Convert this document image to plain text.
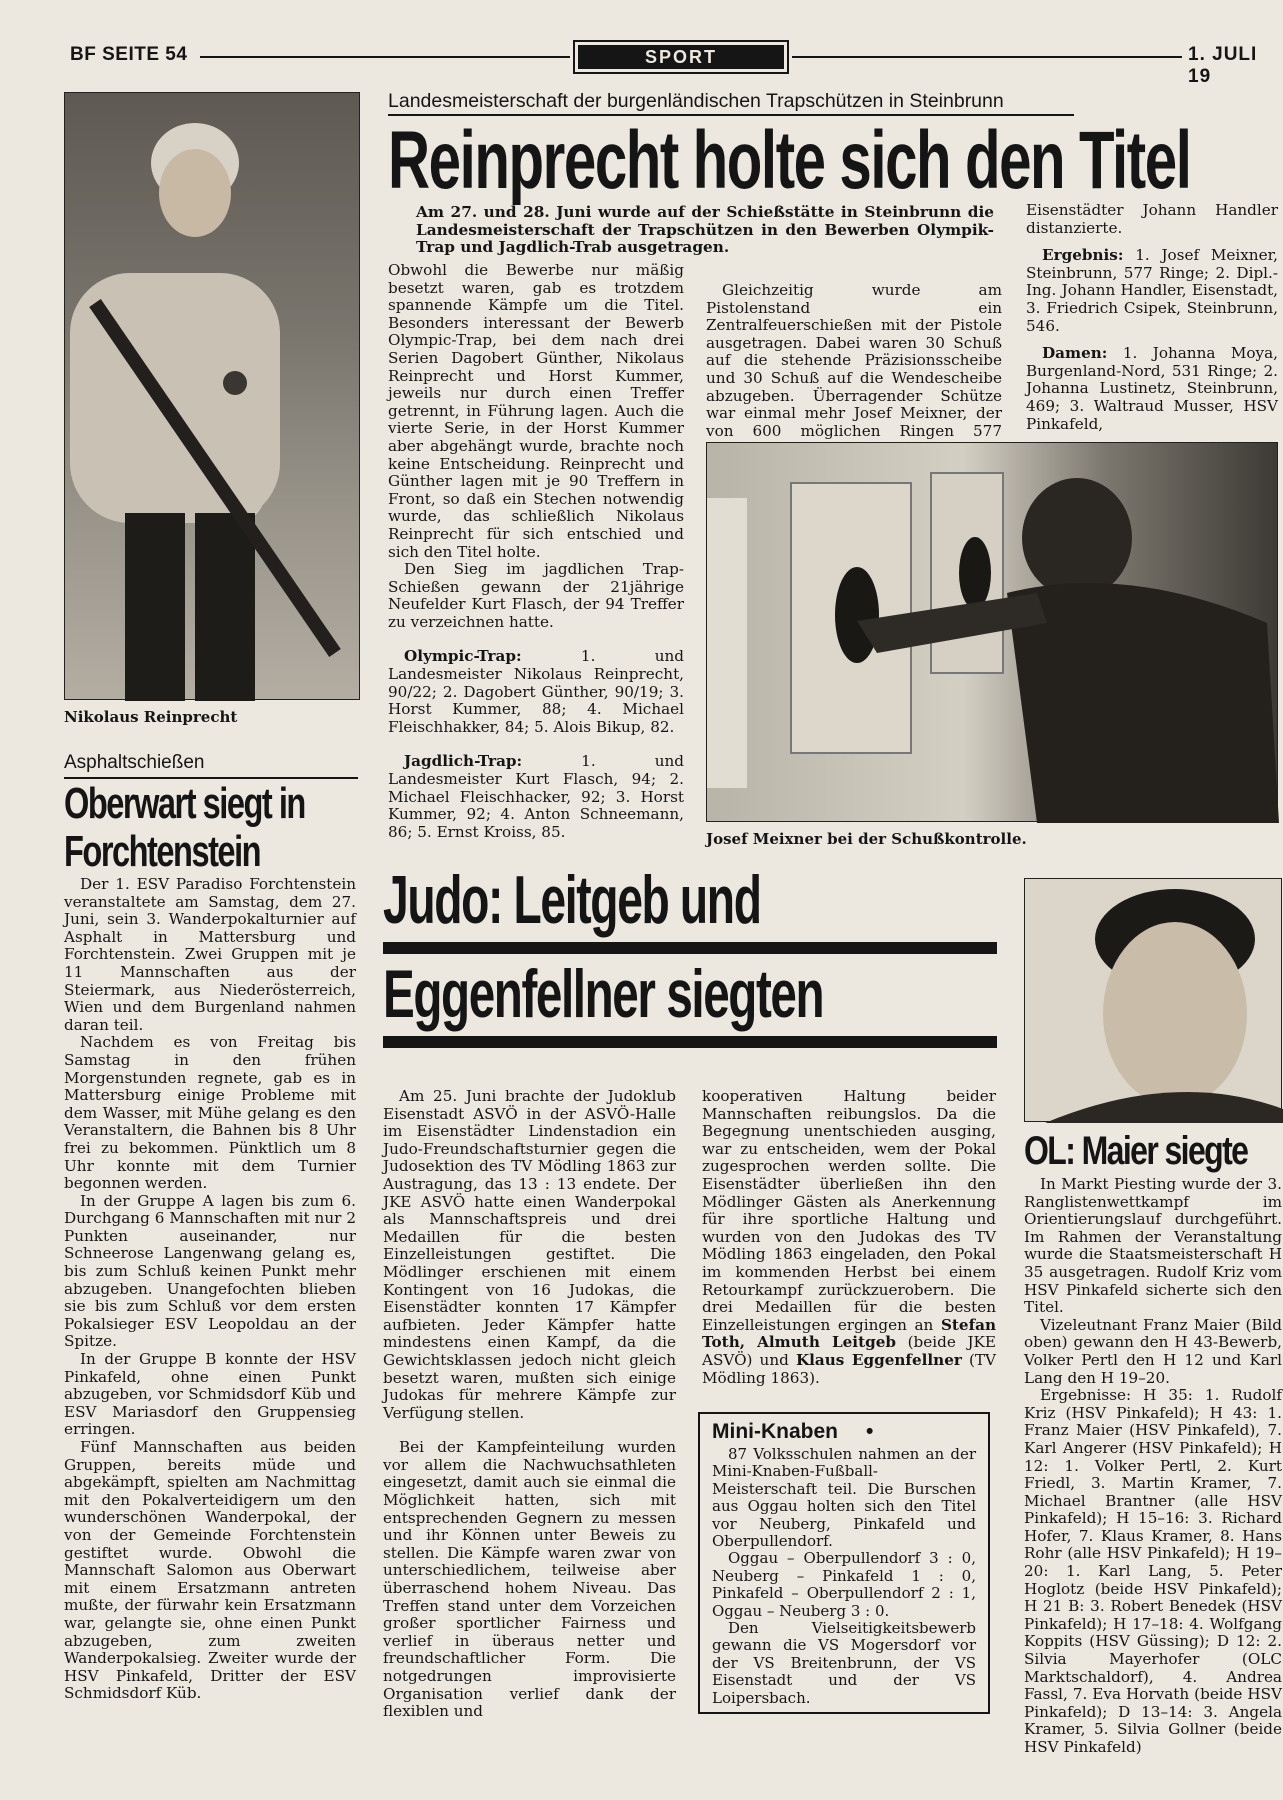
BF SEITE 54	SPORT	1. JULI 19
Nikolaus Reinprecht
Landesmeisterschaft der burgenländischen Trapschützen in Steinbrunn
Reinprecht holte sich den Titel
Am 27. und 28. Juni wurde auf der Schießstätte in Steinbrunn die Landesmeisterschaft der Trapschützen in den Bewerben Olympik-Trap und Jagdlich-Trab ausgetragen.

Obwohl die Bewerbe nur mäßig besetzt waren, gab es trotzdem spannende Kämpfe um die Titel. Besonders interessant der Bewerb Olympic-Trap, bei dem nach drei Serien Dagobert Günther, Nikolaus Reinprecht und Horst Kummer, jeweils nur durch einen Treffer getrennt, in Führung lagen. Auch die vierte Serie, in der Horst Kummer aber abgehängt wurde, brachte noch keine Entscheidung. Reinprecht und Günther lagen mit je 90 Treffern in Front, so daß ein Stechen notwendig wurde, das schließlich Nikolaus Reinprecht für sich entschied und sich den Titel holte.

Den Sieg im jagdlichen Trap-Schießen gewann der 21jährige Neufelder Kurt Flasch, der 94 Treffer zu verzeichnen hatte.

Olympic-Trap: 1. und Landesmeister Nikolaus Reinprecht, 90/22; 2. Dagobert Günther, 90/19; 3. Horst Kummer, 88; 4. Michael Fleischhakker, 84; 5. Alois Bikup, 82.

Jagdlich-Trap: 1. und Landesmeister Kurt Flasch, 94; 2. Michael Fleischhacker, 92; 3. Horst Kummer, 92; 4. Anton Schneemann, 86; 5. Ernst Kroiss, 85.

Gleichzeitig wurde am Pistolenstand ein Zentralfeuerschießen mit der Pistole ausgetragen. Dabei waren 30 Schuß auf die stehende Präzisionsscheibe und 30 Schuß auf die Wendescheibe abzugeben. Überragender Schütze war einmal mehr Josef Meixner, der von 600 möglichen Ringen 577

Eisenstädter Johann Handler distanzierte.

Ergebnis: 1. Josef Meixner, Steinbrunn, 577 Ringe; 2. Dipl.-Ing. Johann Handler, Eisenstadt, 3. Friedrich Csipek, Steinbrunn, 546.

Damen: 1. Johanna Moya, Burgenland-Nord, 531 Ringe; 2. Johanna Lustinetz, Steinbrunn, 469; 3. Waltraud Musser, HSV Pinkafeld,

Josef Meixner bei der Schußkontrolle.
Asphaltschießen
Oberwart siegt in
Forchtenstein

Der 1. ESV Paradiso Forchtenstein veranstaltete am Samstag, dem 27. Juni, sein 3. Wanderpokalturnier auf Asphalt in Mattersburg und Forchtenstein. Zwei Gruppen mit je 11 Mannschaften aus der Steiermark, aus Niederösterreich, Wien und dem Burgenland nahmen daran teil.

Nachdem es von Freitag bis Samstag in den frühen Morgenstunden regnete, gab es in Mattersburg einige Probleme mit dem Wasser, mit Mühe gelang es den Veranstaltern, die Bahnen bis 8 Uhr frei zu bekommen. Pünktlich um 8 Uhr konnte mit dem Turnier begonnen werden.

In der Gruppe A lagen bis zum 6. Durchgang 6 Mannschaften mit nur 2 Punkten auseinander, nur Schneerose Langenwang gelang es, bis zum Schluß keinen Punkt mehr abzugeben. Unangefochten blieben sie bis zum Schluß vor dem ersten Pokalsieger ESV Leopoldau an der Spitze.

In der Gruppe B konnte der HSV Pinkafeld, ohne einen Punkt abzugeben, vor Schmidsdorf Küb und ESV Mariasdorf den Gruppensieg erringen.

Fünf Mannschaften aus beiden Gruppen, bereits müde und abgekämpft, spielten am Nachmittag mit den Pokalverteidigern um den wunderschönen Wanderpokal, der von der Gemeinde Forchtenstein gestiftet wurde. Obwohl die Mannschaft Salomon aus Oberwart mit einem Ersatzmann antreten mußte, der fürwahr kein Ersatzmann war, gelangte sie, ohne einen Punkt abzugeben, zum zweiten Wanderpokalsieg. Zweiter wurde der HSV Pinkafeld, Dritter der ESV Schmidsdorf Küb.

Judo: Leitgeb und
Eggenfellner siegten

Am 25. Juni brachte der Judoklub Eisenstadt ASVÖ in der ASVÖ-Halle im Eisenstädter Lindenstadion ein Judo-Freundschaftsturnier gegen die Judosektion des TV Mödling 1863 zur Austragung, das 13 : 13 endete. Der JKE ASVÖ hatte einen Wanderpokal als Mannschaftspreis und drei Medaillen für die besten Einzelleistungen gestiftet. Die Mödlinger erschienen mit einem Kontingent von 16 Judokas, die Eisenstädter konnten 17 Kämpfer aufbieten. Jeder Kämpfer hatte mindestens einen Kampf, da die Gewichtsklassen jedoch nicht gleich besetzt waren, mußten sich einige Judokas für mehrere Kämpfe zur Verfügung stellen.

Bei der Kampfeinteilung wurden vor allem die Nachwuchsathleten eingesetzt, damit auch sie einmal die Möglichkeit hatten, sich mit entsprechenden Gegnern zu messen und ihr Können unter Beweis zu stellen. Die Kämpfe waren zwar von unterschiedlichem, teilweise aber überraschend hohem Niveau. Das Treffen stand unter dem Vorzeichen großer sportlicher Fairness und verlief in überaus netter und freundschaftlicher Form. Die notgedrungen improvisierte Organisation verlief dank der flexiblen und

kooperativen Haltung beider Mannschaften reibungslos. Da die Begegnung unentschieden ausging, war zu entscheiden, wem der Pokal zugesprochen werden sollte. Die Eisenstädter überließen ihn den Mödlinger Gästen als Anerkennung für ihre sportliche Haltung und wurden von den Judokas des TV Mödling 1863 eingeladen, den Pokal im kommenden Herbst bei einem Retourkampf zurückzuerobern. Die drei Medaillen für die besten Einzelleistungen ergingen an Stefan Toth, Almuth Leitgeb (beide JKE ASVÖ) und Klaus Eggenfellner (TV Mödling 1863).

Mini-Knaben •

87 Volksschulen nahmen an der Mini-Knaben-Fußball-Meisterschaft teil. Die Burschen aus Oggau holten sich den Titel vor Neuberg, Pinkafeld und Oberpullendorf.

Oggau – Oberpullendorf 3 : 0, Neuberg – Pinkafeld 1 : 0, Pinkafeld – Oberpullendorf 2 : 1, Oggau – Neuberg 3 : 0.

Den Vielseitigkeitsbewerb gewann die VS Mogersdorf vor der VS Breitenbrunn, der VS Eisenstadt und der VS Loipersbach.

OL: Maier siegte

In Markt Piesting wurde der 3. Ranglistenwettkampf im Orientierungslauf durchgeführt. Im Rahmen der Veranstaltung wurde die Staatsmeisterschaft H 35 ausgetragen. Rudolf Kriz vom HSV Pinkafeld sicherte sich den Titel.

Vizeleutnant Franz Maier (Bild oben) gewann den H 43-Bewerb, Volker Pertl den H 12 und Karl Lang den H 19–20.

Ergebnisse: H 35: 1. Rudolf Kriz (HSV Pinkafeld); H 43: 1. Franz Maier (HSV Pinkafeld), 7. Karl Angerer (HSV Pinkafeld); H 12: 1. Volker Pertl, 2. Kurt Friedl, 3. Martin Kramer, 7. Michael Brantner (alle HSV Pinkafeld); H 15–16: 3. Richard Hofer, 7. Klaus Kramer, 8. Hans Rohr (alle HSV Pinkafeld); H 19–20: 1. Karl Lang, 5. Peter Hoglotz (beide HSV Pinkafeld); H 21 B: 3. Robert Benedek (HSV Pinkafeld); H 17–18: 4. Wolfgang Koppits (HSV Güssing); D 12: 2. Silvia Mayerhofer (OLC Marktschaldorf), 4. Andrea Fassl, 7. Eva Horvath (beide HSV Pinkafeld); D 13–14: 3. Angela Kramer, 5. Silvia Gollner (beide HSV Pinkafeld)
